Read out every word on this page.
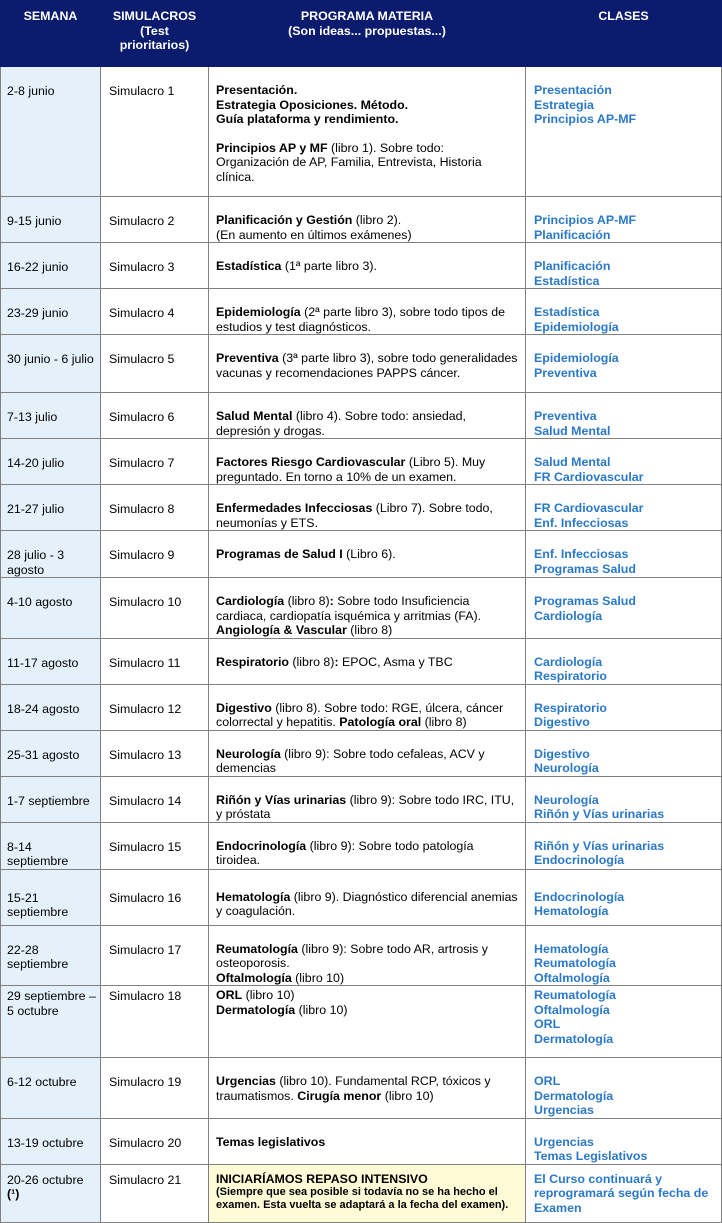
SEMANA	SIMULACROS
(Test
prioritarios)	PROGRAMA MATERIA
(Son ideas... propuestas...)	CLASES

2-8 junio	Simulacro 1	Presentación.
Estrategia Oposiciones. Método.
Guía plataforma y rendimiento.
Principios AP y MF (libro 1). Sobre todo: Organización de AP, Familia, Entrevista, Historia clínica.	Presentación
Estrategia
Principios AP-MF

9-15 junio	Simulacro 2	Planificación y Gestión (libro 2).
(En aumento en últimos exámenes)	Principios AP-MF
Planificación

16-22 junio	Simulacro 3	Estadística (1ª parte libro 3).	Planificación
Estadística

23-29 junio	Simulacro 4	Epidemiología (2ª parte libro 3), sobre todo tipos de estudios y test diagnósticos.	Estadística
Epidemiología

30 junio - 6 julio	Simulacro 5	Preventiva (3ª parte libro 3), sobre todo generalidades vacunas y recomendaciones PAPPS cáncer.	Epidemiología
Preventiva

7-13 julio	Simulacro 6	Salud Mental (libro 4). Sobre todo: ansiedad, depresión y drogas.	Preventiva
Salud Mental

14-20 julio	Simulacro 7	Factores Riesgo Cardiovascular (Libro 5). Muy preguntado. En torno a 10% de un examen.	Salud Mental
FR Cardiovascular

21-27 julio	Simulacro 8	Enfermedades Infecciosas (Libro 7). Sobre todo, neumonías y ETS.	FR Cardiovascular
Enf. Infecciosas

28 julio - 3 agosto	Simulacro 9	Programas de Salud I (Libro 6).	Enf. Infecciosas
Programas Salud

4-10 agosto	Simulacro 10	Cardiología (libro 8): Sobre todo Insuficiencia cardiaca, cardiopatía isquémica y arritmias (FA).
Angiología & Vascular (libro 8)	Programas Salud
Cardiología

11-17 agosto	Simulacro 11	Respiratorio (libro 8): EPOC, Asma y TBC	Cardiología
Respiratorio

18-24 agosto	Simulacro 12	Digestivo (libro 8). Sobre todo: RGE, úlcera, cáncer colorrectal y hepatitis. Patología oral (libro 8)	Respiratorio
Digestivo

25-31 agosto	Simulacro 13	Neurología (libro 9): Sobre todo cefaleas, ACV y demencias	Digestivo
Neurología

1-7 septiembre	Simulacro 14	Riñón y Vías urinarias (libro 9): Sobre todo IRC, ITU, y próstata	Neurología
Riñón y Vías urinarias

8-14 septiembre	Simulacro 15	Endocrinología (libro 9): Sobre todo patología tiroidea.	Riñón y Vías urinarias
Endocrinología

15-21 septiembre	Simulacro 16	Hematología (libro 9). Diagnóstico diferencial anemias y coagulación.	Endocrinología
Hematología

22-28 septiembre	Simulacro 17	Reumatología (libro 9): Sobre todo AR, artrosis y osteoporosis.
Oftalmología (libro 10)	Hematología
Reumatología
Oftalmología

29 septiembre – 5 octubre	Simulacro 18	ORL (libro 10)
Dermatología (libro 10)	Reumatología
Oftalmología
ORL
Dermatología

6-12 octubre	Simulacro 19	Urgencias (libro 10). Fundamental RCP, tóxicos y traumatismos. Cirugía menor (libro 10)	ORL
Dermatología
Urgencias

13-19 octubre	Simulacro 20	Temas legislativos	Urgencias
Temas Legislativos

20-26 octubre
(¹)	Simulacro 21	INICIARÍAMOS REPASO INTENSIVO
(Siempre que sea posible si todavía no se ha hecho el examen. Esta vuelta se adaptará a la fecha del examen).	El Curso continuará y reprogramará según fecha de Examen
